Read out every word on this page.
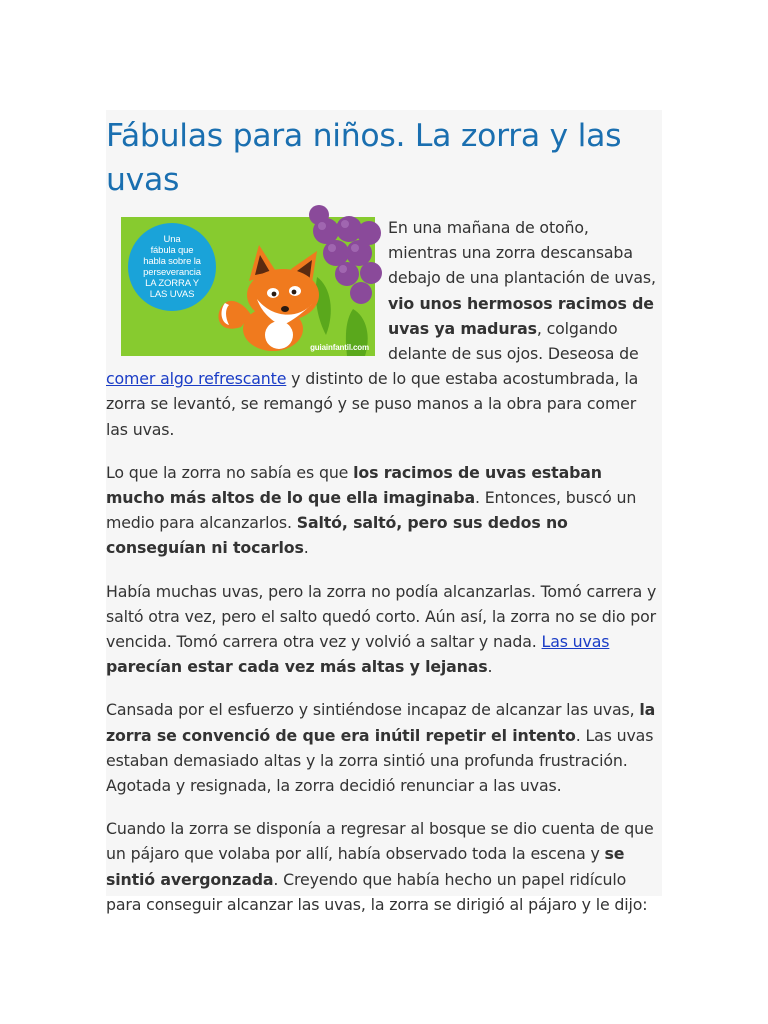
Fábulas para niños. La zorra y las uvas
Una
fábula que
habla sobre la
perseverancia
LA ZORRA Y
LAS UVAS
guiainfantil.com
En una mañana de otoño, mientras una zorra descansaba debajo de una plantación de uvas, vio unos hermosos racimos de uvas ya maduras, colgando delante de sus ojos. Deseosa de comer algo refrescante y distinto de lo que estaba acostumbrada, la zorra se levantó, se remangó y se puso manos a la obra para comer las uvas.

Lo que la zorra no sabía es que los racimos de uvas estaban mucho más altos de lo que ella imaginaba. Entonces, buscó un medio para alcanzarlos. Saltó, saltó, pero sus dedos no conseguían ni tocarlos.

Había muchas uvas, pero la zorra no podía alcanzarlas. Tomó carrera y saltó otra vez, pero el salto quedó corto. Aún así, la zorra no se dio por vencida. Tomó carrera otra vez y volvió a saltar y nada. Las uvas parecían estar cada vez más altas y lejanas.

Cansada por el esfuerzo y sintiéndose incapaz de alcanzar las uvas, la zorra se convenció de que era inútil repetir el intento. Las uvas estaban demasiado altas y la zorra sintió una profunda frustración. Agotada y resignada, la zorra decidió renunciar a las uvas.

Cuando la zorra se disponía a regresar al bosque se dio cuenta de que un pájaro que volaba por allí, había observado toda la escena y se sintió avergonzada. Creyendo que había hecho un papel ridículo para conseguir alcanzar las uvas, la zorra se dirigió al pájaro y le dijo:
